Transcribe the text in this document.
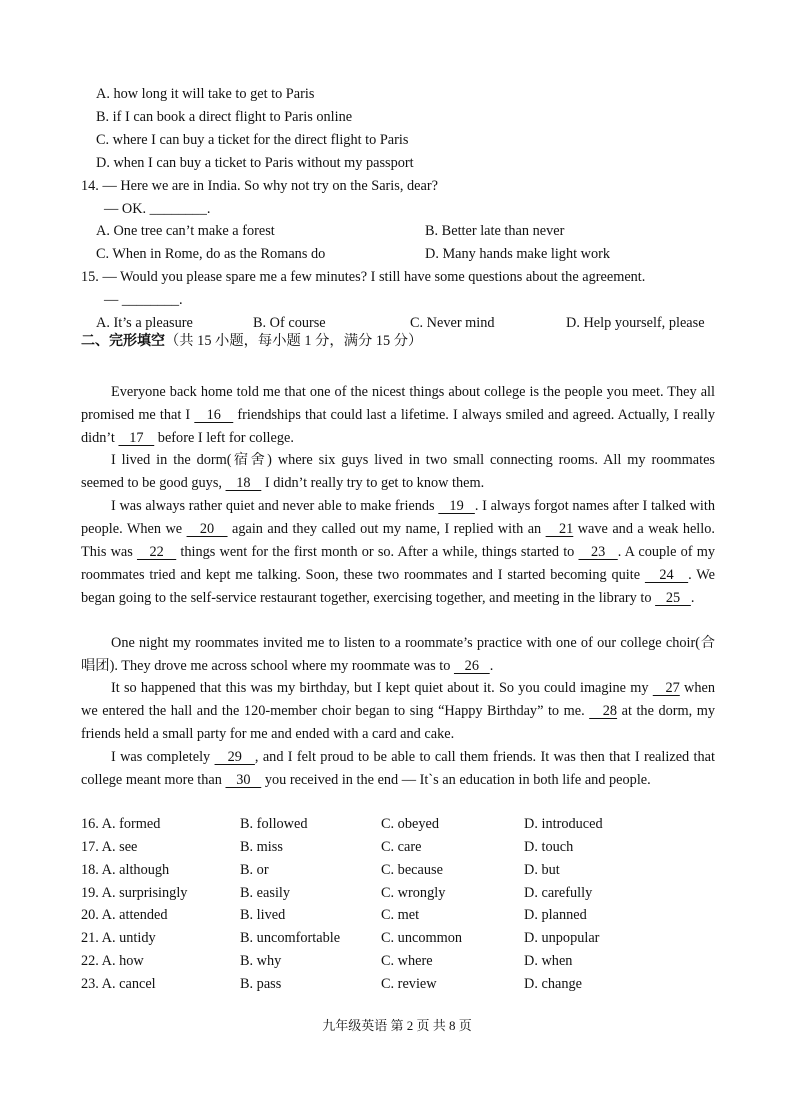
A. how long it will take to get to Paris
B. if I can book a direct flight to Paris online
C. where I can buy a ticket for the direct flight to Paris
D. when I can buy a ticket to Paris without my passport
14. — Here we are in India. So why not try on the Saris, dear?
— OK. ________.
A. One tree can’t make a forest	B. Better late than never
C. When in Rome, do as the Romans do	D. Many hands make light work
15. — Would you please spare me a few minutes? I still have some questions about the agreement.
— ________.
A. It’s a pleasure	B. Of course	C. Never mind	D. Help yourself, please
二、完形填空（共 15 小题，每小题 1 分，满分 15 分）
Everyone back home told me that one of the nicest things about college is the people you meet. They all promised me that I    16    friendships that could last a lifetime. I always smiled and agreed. Actually, I really didn’t    17    before I left for college.
I lived in the dorm(宿舍) where six guys lived in two small connecting rooms. All my roommates seemed to be good guys,    18    I didn’t really try to get to know them.
I was always rather quiet and never able to make friends    19   . I always forgot names after I talked with people. When we    20    again and they called out my name, I replied with an    21 wave and a weak hello. This was    22    things went for the first month or so. After a while, things started to    23   . A couple of my roommates tried and kept me talking. Soon, these two roommates and I started becoming quite    24   . We began going to the self-service restaurant together, exercising together, and meeting in the library to    25   .
One night my roommates invited me to listen to a roommate’s practice with one of our college choir(合唱团). They drove me across school where my roommate was to    26   .
It so happened that this was my birthday, but I kept quiet about it. So you could imagine my    27 when we entered the hall and the 120-member choir began to sing “Happy Birthday” to me.    28 at the dorm, my friends held a small party for me and ended with a card and cake.
I was completely    29   , and I felt proud to be able to call them friends. It was then that I realized that college meant more than    30    you received in the end — It`s an education in both life and people.
16. A. formed	B. followed	C. obeyed	D. introduced
17. A. see	B. miss	C. care	D. touch
18. A. although	B. or	C. because	D. but
19. A. surprisingly	B. easily	C. wrongly	D. carefully
20. A. attended	B. lived	C. met	D. planned
21. A. untidy	B. uncomfortable	C. uncommon	D. unpopular
22. A. how	B. why	C. where	D. when
23. A. cancel	B. pass	C. review	D. change
九年级英语 第 2 页 共 8 页
